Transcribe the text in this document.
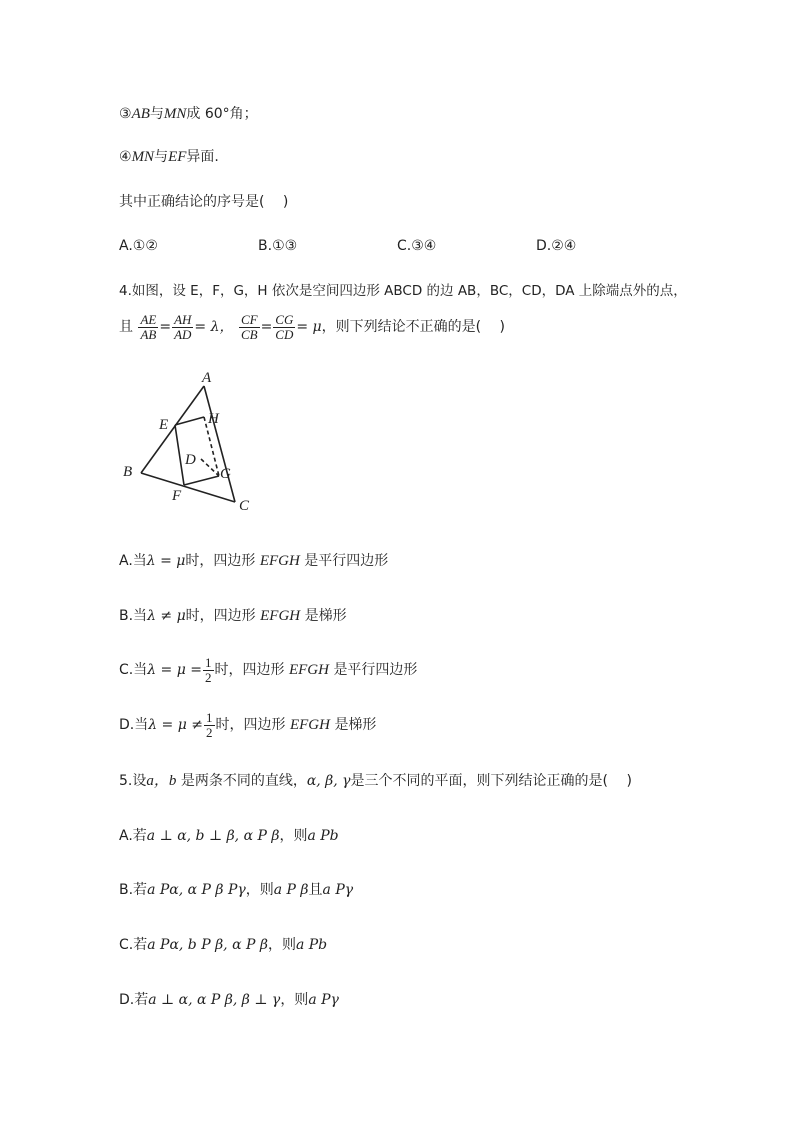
③AB与MN成 60°角；
④MN与EF异面.
其中正确结论的序号是(　 )
A.①②	B.①③	C.③④	D.②④
4.如图，设 E，F，G，H 依次是空间四边形 ABCD 的边 AB，BC，CD，DA 上除端点外的点，
且 $\frac{AE}{AB} = \frac{AH}{AD} = \lambda$， $\frac{CF}{CB} = \frac{CG}{CD} = \mu$，则下列结论不正确的是(　 )
A
B
C
D
E
F
G
H
A.当λ = μ时，四边形 EFGH 是平行四边形
B.当λ ≠ μ时，四边形 EFGH 是梯形
C.当$\lambda = \mu = \frac{1}{2}$ 时，四边形 EFGH 是平行四边形
D.当$\lambda = \mu \ne \frac{1}{2}$ 时，四边形 EFGH 是梯形
5.设a，b 是两条不同的直线，α, β, γ是三个不同的平面，则下列结论正确的是(　 )
A.若a ⊥ α, b ⊥ β, α P β，则a Pb
B.若a Pα, α P β Pγ，则a P β且a Pγ
C.若a Pα, b P β, α P β，则a Pb
D.若a ⊥ α, α P β, β ⊥ γ，则a Pγ
